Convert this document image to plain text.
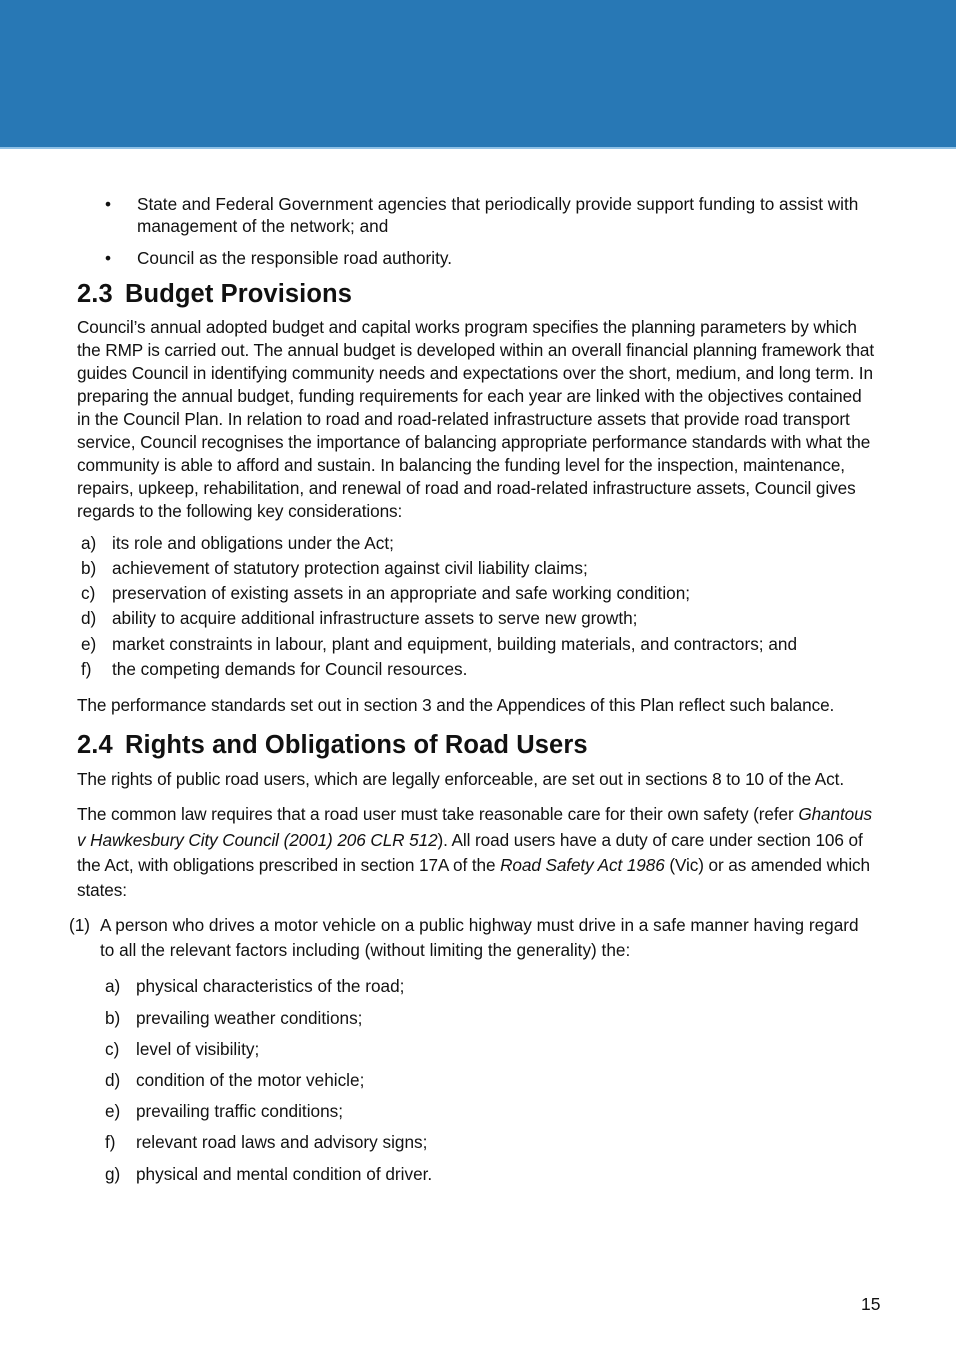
• State and Federal Government agencies that periodically provide support funding to assist with management of the network; and
• Council as the responsible road authority.
2.3 Budget Provisions

Council’s annual adopted budget and capital works program specifies the planning parameters by which the RMP is carried out. The annual budget is developed within an overall financial planning framework that guides Council in identifying community needs and expectations over the short, medium, and long term. In preparing the annual budget, funding requirements for each year are linked with the objectives contained in the Council Plan. In relation to road and road-related infrastructure assets that provide road transport service, Council recognises the importance of balancing appropriate performance standards with what the community is able to afford and sustain. In balancing the funding level for the inspection, maintenance, repairs, upkeep, rehabilitation, and renewal of road and road-related infrastructure assets, Council gives regards to the following key considerations:

a) its role and obligations under the Act;
b) achievement of statutory protection against civil liability claims;
c) preservation of existing assets in an appropriate and safe working condition;
d) ability to acquire additional infrastructure assets to serve new growth;
e) market constraints in labour, plant and equipment, building materials, and contractors; and
f) the competing demands for Council resources.

The performance standards set out in section 3 and the Appendices of this Plan reflect such balance.

2.4 Rights and Obligations of Road Users

The rights of public road users, which are legally enforceable, are set out in sections 8 to 10 of the Act.

The common law requires that a road user must take reasonable care for their own safety (refer Ghantous v Hawkesbury City Council (2001) 206 CLR 512). All road users have a duty of care under section 106 of the Act, with obligations prescribed in section 17A of the Road Safety Act 1986 (Vic) or as amended which states:

(1) A person who drives a motor vehicle on a public highway must drive in a safe manner having regard to all the relevant factors including (without limiting the generality) the:
a) physical characteristics of the road;
b) prevailing weather conditions;
c) level of visibility;
d) condition of the motor vehicle;
e) prevailing traffic conditions;
f) relevant road laws and advisory signs;
g) physical and mental condition of driver.
15
